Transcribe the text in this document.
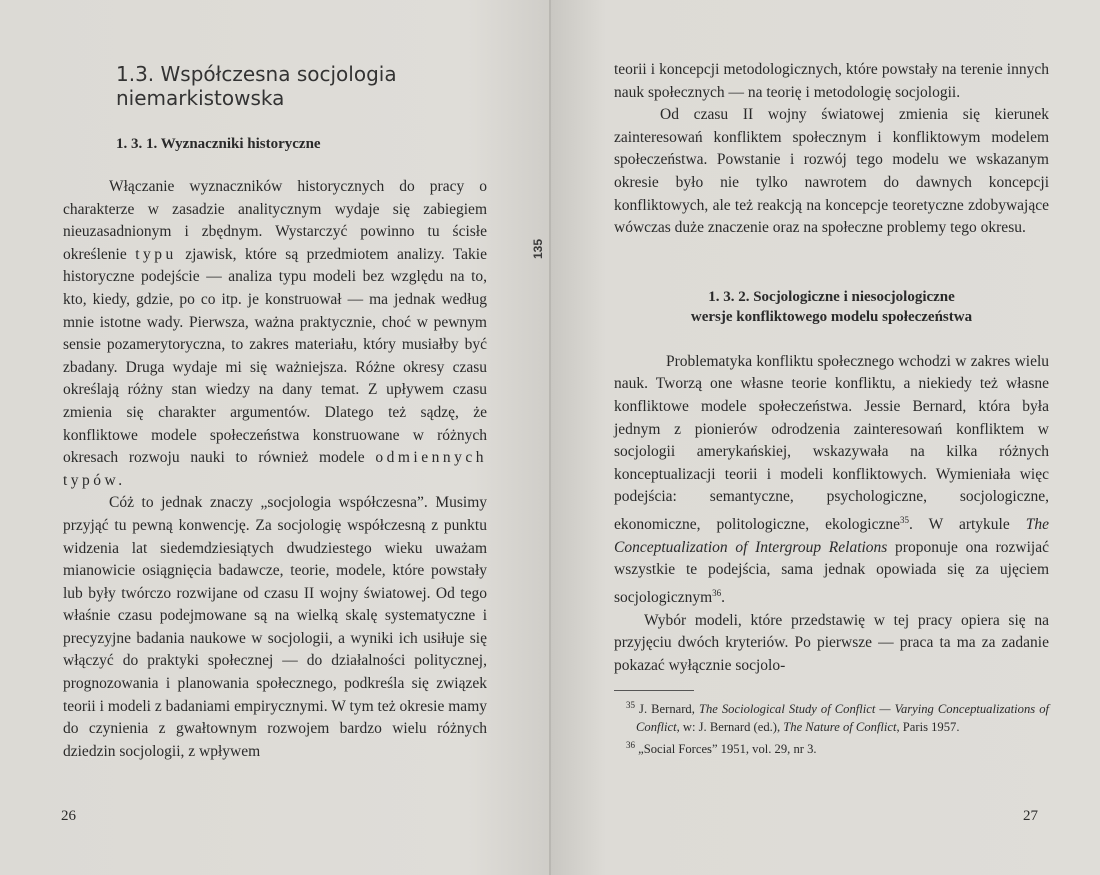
1.3. Współczesna socjologia niemarkistowska
1. 3. 1. Wyznaczniki historyczne

Włączanie wyznaczników historycznych do pracy o charakterze w zasadzie analitycznym wydaje się zabiegiem nieuzasadnionym i zbędnym. Wystarczyć powinno tu ścisłe określenie typu zjawisk, które są przedmiotem analizy. Takie historyczne podejście — analiza typu modeli bez względu na to, kto, kiedy, gdzie, po co itp. je konstruował — ma jednak według mnie istotne wady. Pierwsza, ważna praktycznie, choć w pewnym sensie pozamerytoryczna, to zakres materiału, który musiałby być zbadany. Druga wydaje mi się ważniejsza. Różne okresy czasu określają różny stan wiedzy na dany temat. Z upływem czasu zmienia się charakter argumentów. Dlatego też sądzę, że konfliktowe modele społeczeństwa konstruowane w różnych okresach rozwoju nauki to również modele odmiennych typów.

Cóż to jednak znaczy „socjologia współczesna”. Musimy przyjąć tu pewną konwencję. Za socjologię współczesną z punktu widzenia lat siedemdziesiątych dwudziestego wieku uważam mianowicie osiągnięcia badawcze, teorie, modele, które powstały lub były twórczo rozwijane od czasu II wojny światowej. Od tego właśnie czasu podejmowane są na wielką skalę systematyczne i precyzyjne badania naukowe w socjologii, a wyniki ich usiłuje się włączyć do praktyki społecznej — do działalności politycznej, prognozowania i planowania społecznego, podkreśla się związek teorii i modeli z badaniami empirycznymi. W tym też okresie mamy do czynienia z gwałtownym rozwojem bardzo wielu różnych dziedzin socjologii, z wpływem

26
135

teorii i koncepcji metodologicznych, które powstały na terenie innych nauk społecznych — na teorię i metodologię socjologii.

Od czasu II wojny światowej zmienia się kierunek zainteresowań konfliktem społecznym i konfliktowym modelem społeczeństwa. Powstanie i rozwój tego modelu we wskazanym okresie było nie tylko nawrotem do dawnych koncepcji konfliktowych, ale też reakcją na koncepcje teoretyczne zdobywające wówczas duże znaczenie oraz na społeczne problemy tego okresu.

1. 3. 2. Socjologiczne i niesocjologiczne
wersje konfliktowego modelu społeczeństwa

Problematyka konfliktu społecznego wchodzi w zakres wielu nauk. Tworzą one własne teorie konfliktu, a niekiedy też własne konfliktowe modele społeczeństwa. Jessie Bernard, która była jednym z pionierów odrodzenia zainteresowań konfliktem w socjologii amerykańskiej, wskazywała na kilka różnych konceptualizacji teorii i modeli konfliktowych. Wymieniała więc podejścia: semantyczne, psychologiczne, socjologiczne, ekonomiczne, politologiczne, ekologiczne$^{35}$. W artykule The Conceptualization of Intergroup Relations proponuje ona rozwijać wszystkie te podejścia, sama jednak opowiada się za ujęciem socjologicznym$^{36}$.

Wybór modeli, które przedstawię w tej pracy opiera się na przyjęciu dwóch kryteriów. Po pierwsze — praca ta ma za zadanie pokazać wyłącznie socjolo-

$^{35}$ J. Bernard, The Sociological Study of Conflict — Varying Conceptualizations of Conflict, w: J. Bernard (ed.), The Nature of Conflict, Paris 1957.

$^{36}$ „Social Forces” 1951, vol. 29, nr 3.

27
